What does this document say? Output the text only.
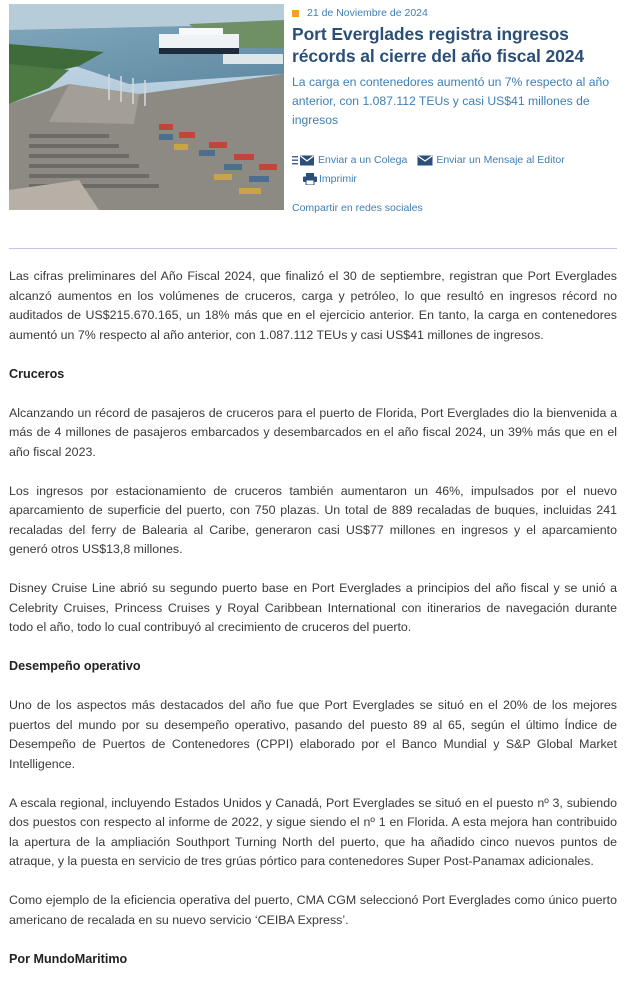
21 de Noviembre de 2024
Port Everglades registra ingresos récords al cierre del año fiscal 2024

La carga en contenedores aumentó un 7% respecto al año anterior, con 1.087.112 TEUs y casi US$41 millones de ingresos

Enviar a un Colega	Enviar un Mensaje al Editor
Imprimir
Compartir en redes sociales

Las cifras preliminares del Año Fiscal 2024, que finalizó el 30 de septiembre, registran que Port Everglades alcanzó aumentos en los volúmenes de cruceros, carga y petróleo, lo que resultó en ingresos récord no auditados de US$215.670.165, un 18% más que en el ejercicio anterior. En tanto, la carga en contenedores aumentó un 7% respecto al año anterior, con 1.087.112 TEUs y casi US$41 millones de ingresos.

Cruceros

Alcanzando un récord de pasajeros de cruceros para el puerto de Florida, Port Everglades dio la bienvenida a más de 4 millones de pasajeros embarcados y desembarcados en el año fiscal 2024, un 39% más que en el año fiscal 2023.

Los ingresos por estacionamiento de cruceros también aumentaron un 46%, impulsados por el nuevo aparcamiento de superficie del puerto, con 750 plazas. Un total de 889 recaladas de buques, incluidas 241 recaladas del ferry de Balearia al Caribe, generaron casi US$77 millones en ingresos y el aparcamiento generó otros US$13,8 millones.

Disney Cruise Line abrió su segundo puerto base en Port Everglades a principios del año fiscal y se unió a Celebrity Cruises, Princess Cruises y Royal Caribbean International con itinerarios de navegación durante todo el año, todo lo cual contribuyó al crecimiento de cruceros del puerto.

Desempeño operativo

Uno de los aspectos más destacados del año fue que Port Everglades se situó en el 20% de los mejores puertos del mundo por su desempeño operativo, pasando del puesto 89 al 65, según el último Índice de Desempeño de Puertos de Contenedores (CPPI) elaborado por el Banco Mundial y S&P Global Market Intelligence.

A escala regional, incluyendo Estados Unidos y Canadá, Port Everglades se situó en el puesto nº 3, subiendo dos puestos con respecto al informe de 2022, y sigue siendo el nº 1 en Florida. A esta mejora han contribuido la apertura de la ampliación Southport Turning North del puerto, que ha añadido cinco nuevos puntos de atraque, y la puesta en servicio de tres grúas pórtico para contenedores Super Post-Panamax adicionales.

Como ejemplo de la eficiencia operativa del puerto, CMA CGM seleccionó Port Everglades como único puerto americano de recalada en su nuevo servicio ‘CEIBA Express’.

Por MundoMaritimo
